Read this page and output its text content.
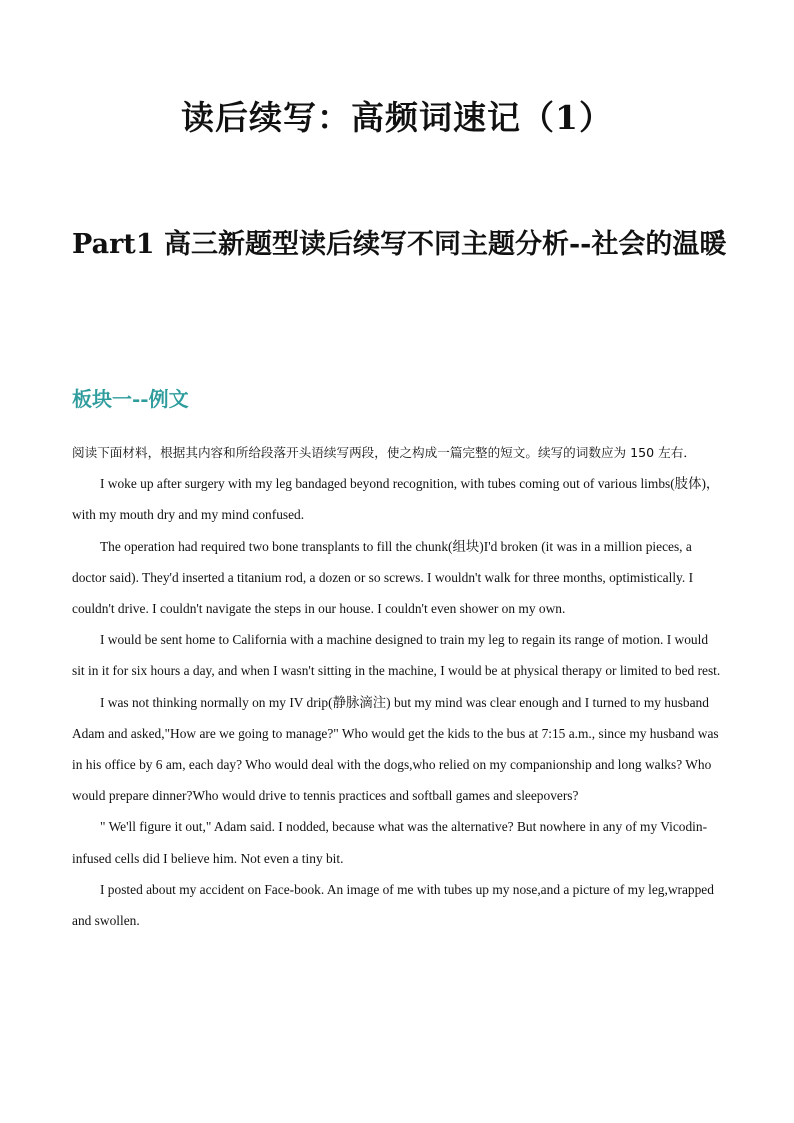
读后续写：高频词速记（1）
Part1 高三新题型读后续写不同主题分析--社会的温暖
板块一--例文

阅读下面材料，根据其内容和所给段落开头语续写两段，使之构成一篇完整的短文。续写的词数应为 150 左右．

I woke up after surgery with my leg bandaged beyond recognition, with tubes coming out of various limbs(肢体)，with my mouth dry and my mind confused.

The operation had required two bone transplants to fill the chunk(组块)I'd broken (it was in a million pieces, a doctor said). They'd inserted a titanium rod, a dozen or so screws. I wouldn't walk for three months, optimistically. I couldn't drive. I couldn't navigate the steps in our house. I couldn't even shower on my own.

I would be sent home to California with a machine designed to train my leg to regain its range of motion. I would sit in it for six hours a day, and when I wasn't sitting in the machine, I would be at physical therapy or limited to bed rest.

I was not thinking normally on my IV drip(静脉滴注) but my mind was clear enough and I turned to my husband Adam and asked,"How are we going to manage?" Who would get the kids to the bus at 7:15 a.m., since my husband was in his office by 6 am, each day? Who would deal with the dogs,who relied on my companionship and long walks? Who would prepare dinner?Who would drive to tennis practices and softball games and sleepovers?

" We'll figure it out," Adam said. I nodded, because what was the alternative? But nowhere in any of my Vicodin-infused cells did I believe him. Not even a tiny bit.

I posted about my accident on Face-book. An image of me with tubes up my nose,and a picture of my leg,wrapped and swollen.
